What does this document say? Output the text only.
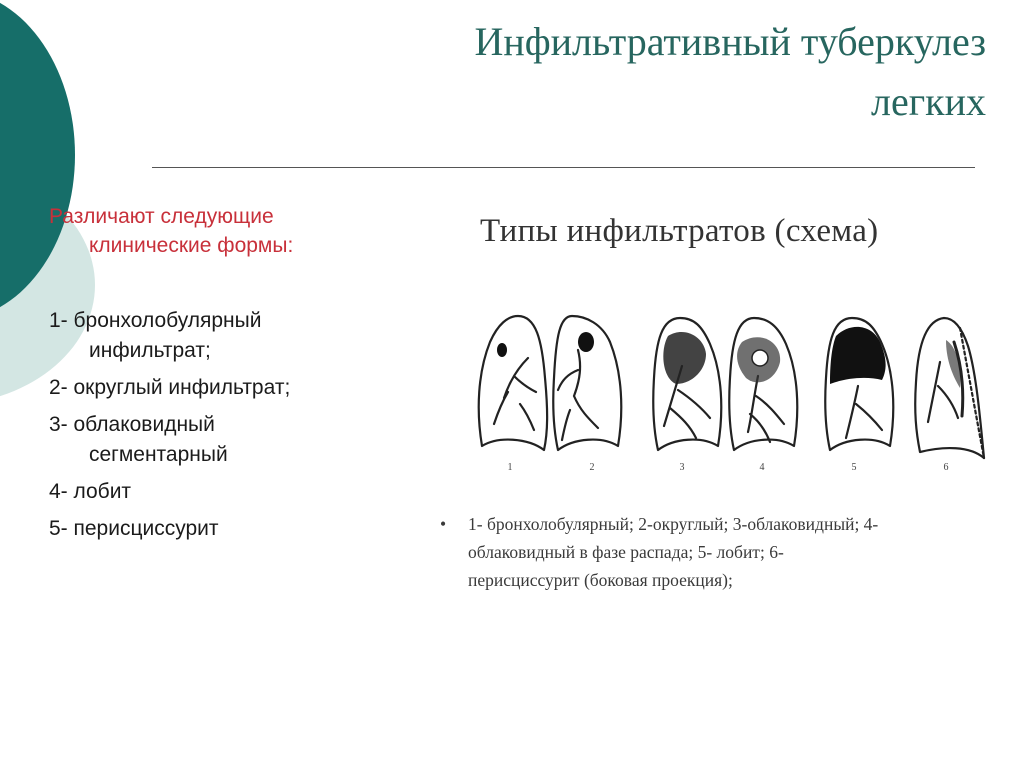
Инфильтративный туберкулез
легких
Различают следующие
клинические формы:
1- бронхолобулярный
инфильтрат;
2- округлый инфильтрат;
3- облаковидный
сегментарный
4- лобит
5- перисциссурит
Типы инфильтратов (схема)
1	2	3	4	5	6
•	1- бронхолобулярный; 2-округлый; 3-облаковидный; 4-
облаковидный в фазе распада; 5- лобит; 6-
перисциссурит (боковая проекция);
